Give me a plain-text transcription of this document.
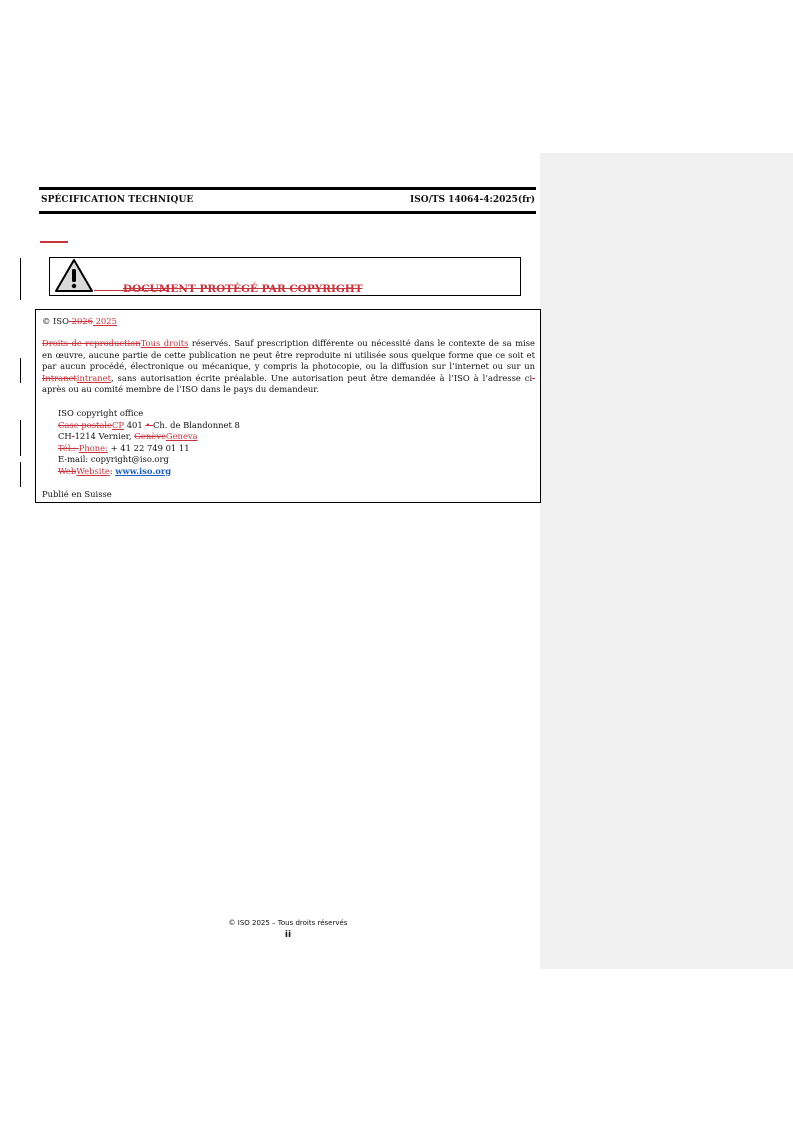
SPÉCIFICATION TECHNIQUE	ISO/TS 14064-4:2025(fr)
DOCUMENT PROTÉGÉ PAR COPYRIGHT
© ISO 2026 2025
Droits de reproductionTous droits réservés. Sauf prescription différente ou nécessité dans le contexte de sa mise en œuvre, aucune partie de cette publication ne peut être reproduite ni utilisée sous quelque forme que ce soit et par aucun procédé, électronique ou mécanique, y compris la photocopie, ou la diffusion sur l’internet ou sur un Intranetintranet, sans autorisation écrite préalable. Une autorisation peut être demandée à l’ISO à l’adresse ci-après ou au comité membre de l’ISO dans le pays du demandeur.
ISO copyright office
Case postaleCP 401 • Ch. de Blandonnet 8
CH-1214 Vernier, GenèveGeneva
Tél.: Phone: + 41 22 749 01 11
E-mail: copyright@iso.org
WebWebsite: www.iso.org
Publié en Suisse
© ISO 2025 – Tous droits réservés
ii
